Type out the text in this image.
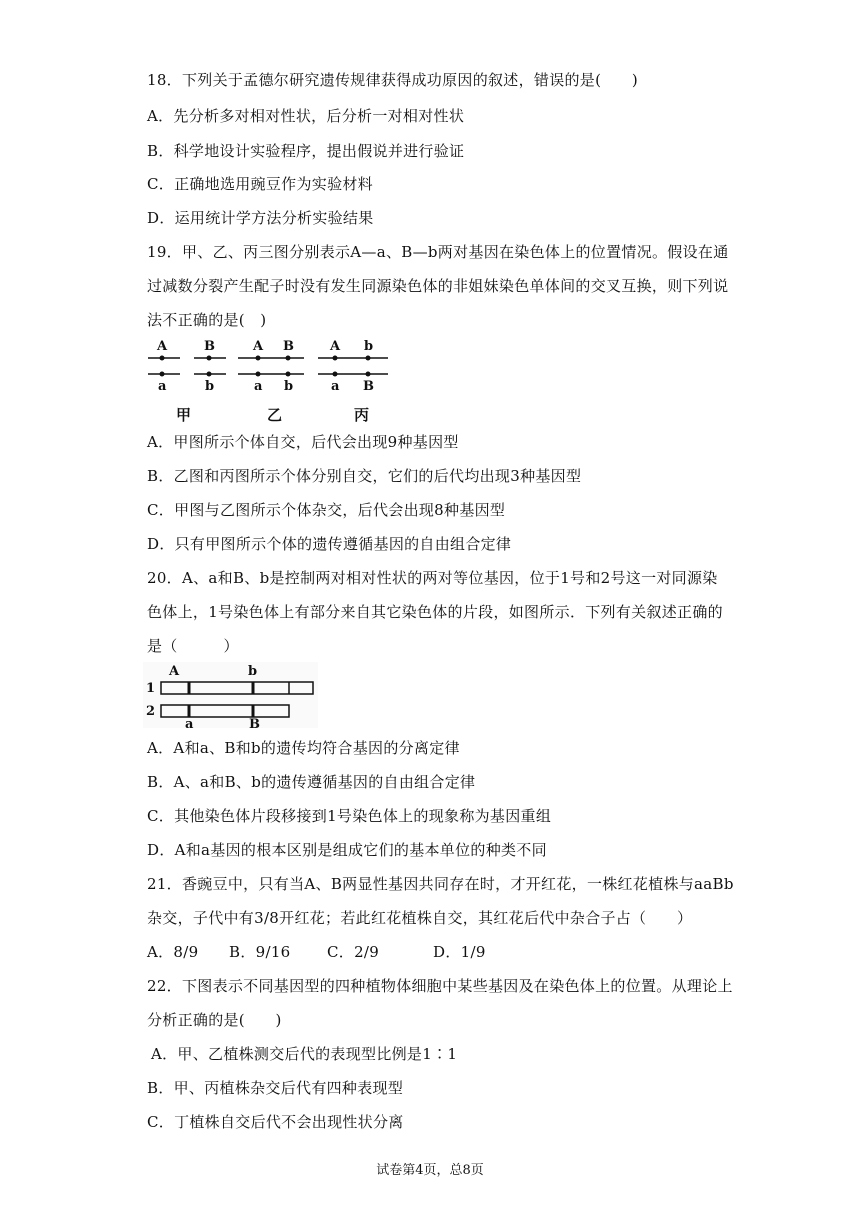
18．下列关于孟德尔研究遗传规律获得成功原因的叙述，错误的是(　　)
A．先分析多对相对性状，后分析一对相对性状
B．科学地设计实验程序，提出假说并进行验证
C．正确地选用豌豆作为实验材料
D．运用统计学方法分析实验结果
19．甲、乙、丙三图分别表示A—a、B—b两对基因在染色体上的位置情况。假设在通
过减数分裂产生配子时没有发生同源染色体的非姐妹染色单体间的交叉互换，则下列说
法不正确的是(　)
A
a
B
b
甲
A B
a b
乙
A b
a B
丙
A．甲图所示个体自交，后代会出现9种基因型
B．乙图和丙图所示个体分别自交，它们的后代均出现3种基因型
C．甲图与乙图所示个体杂交，后代会出现8种基因型
D．只有甲图所示个体的遗传遵循基因的自由组合定律
20．A、a和B、b是控制两对相对性状的两对等位基因，位于1号和2号这一对同源染
色体上，1号染色体上有部分来自其它染色体的片段，如图所示．下列有关叙述正确的
是（　　　）
A	b
1
2
a	B
A．A和a、B和b的遗传均符合基因的分离定律
B．A、a和B、b的遗传遵循基因的自由组合定律
C．其他染色体片段移接到1号染色体上的现象称为基因重组
D．A和a基因的根本区别是组成它们的基本单位的种类不同
21．香豌豆中，只有当A、B两显性基因共同存在时，才开红花，一株红花植株与aaBb
杂交，子代中有3/8开红花；若此红花植株自交，其红花后代中杂合子占（　　）
A．8/9 B．9/16 C．2/9	D．1/9
22．下图表示不同基因型的四种植物体细胞中某些基因及在染色体上的位置。从理论上
分析正确的是(　　)
A．甲、乙植株测交后代的表现型比例是1∶1
B．甲、丙植株杂交后代有四种表现型
C．丁植株自交后代不会出现性状分离
试卷第4页，总8页
